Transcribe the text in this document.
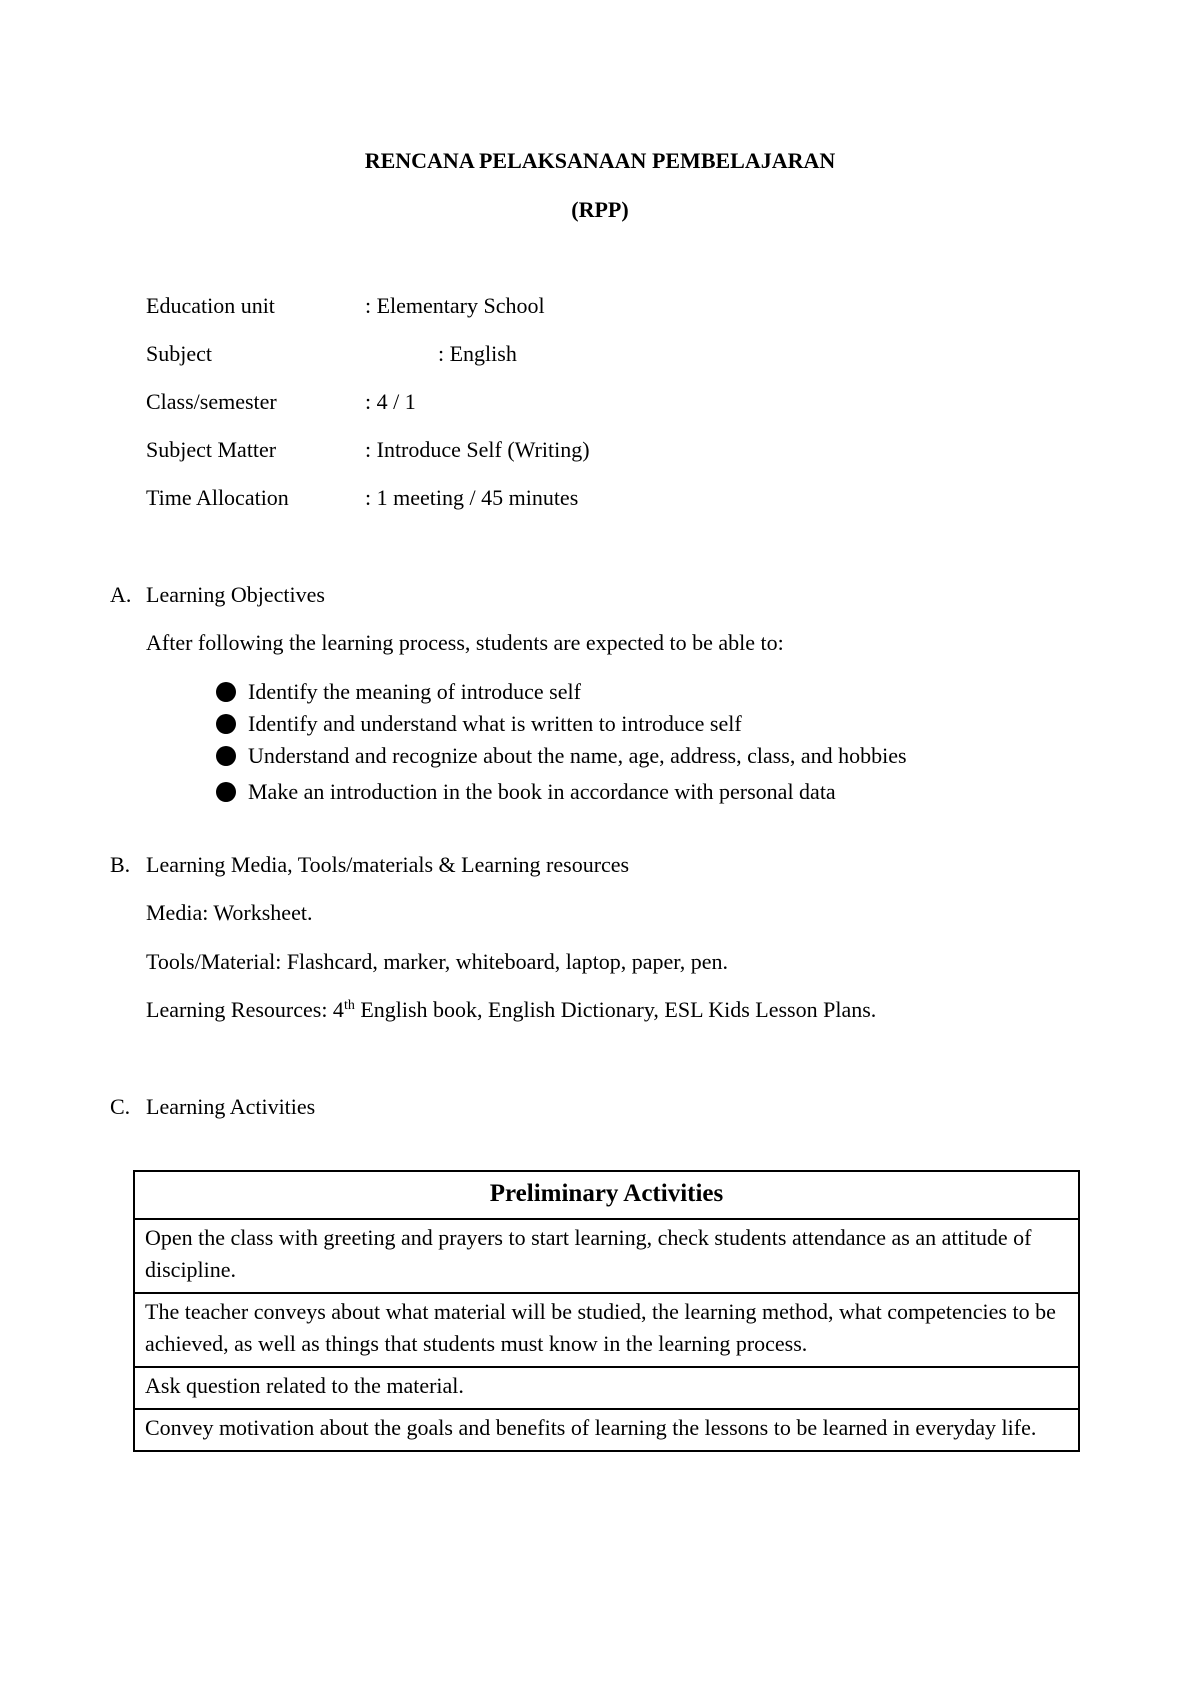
RENCANA PELAKSANAAN PEMBELAJARAN
(RPP)
Education unit	: Elementary School
Subject	: English
Class/semester	: 4 / 1
Subject Matter	: Introduce Self (Writing)
Time Allocation	: 1 meeting / 45 minutes
A. Learning Objectives
After following the learning process, students are expected to be able to:
Identify the meaning of introduce self
Identify and understand what is written to introduce self
Understand and recognize about the name, age, address, class, and hobbies
Make an introduction in the book in accordance with personal data
B. Learning Media, Tools/materials & Learning resources
Media: Worksheet.
Tools/Material: Flashcard, marker, whiteboard, laptop, paper, pen.
Learning Resources: 4th English book, English Dictionary, ESL Kids Lesson Plans.
C. Learning Activities
Preliminary Activities
Open the class with greeting and prayers to start learning, check students attendance as an attitude of discipline.
The teacher conveys about what material will be studied, the learning method, what competencies to be achieved, as well as things that students must know in the learning process.
Ask question related to the material.
Convey motivation about the goals and benefits of learning the lessons to be learned in everyday life.
